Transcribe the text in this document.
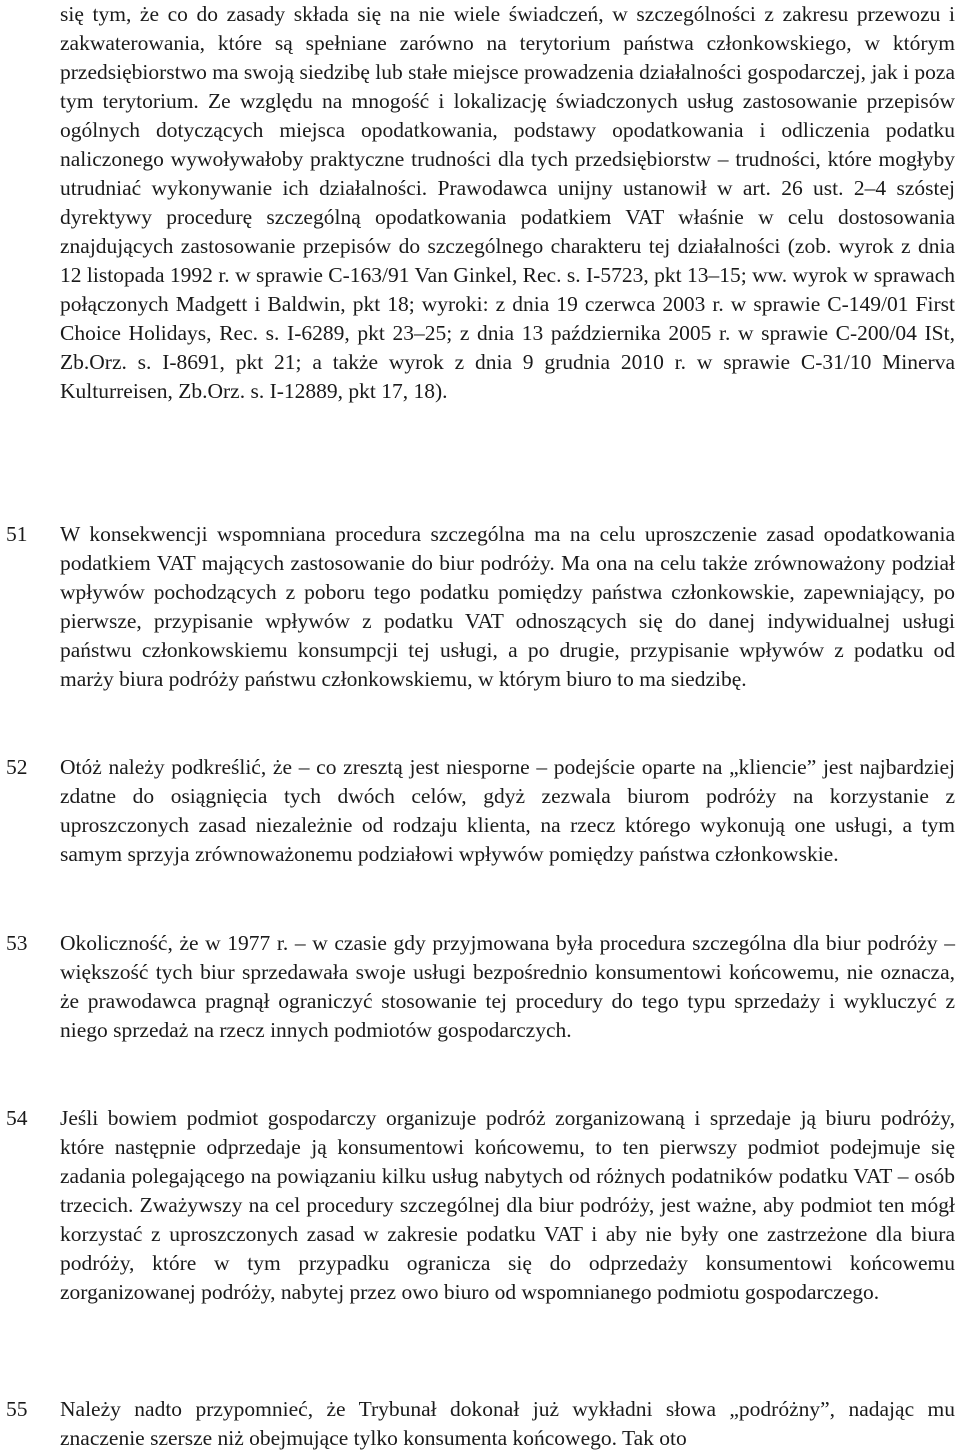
się tym, że co do zasady składa się na nie wiele świadczeń, w szczególności z zakresu przewozu i zakwaterowania, które są spełniane zarówno na terytorium państwa członkowskiego, w którym przedsiębiorstwo ma swoją siedzibę lub stałe miejsce prowadzenia działalności gospodarczej, jak i poza tym terytorium. Ze względu na mnogość i lokalizację świadczonych usług zastosowanie przepisów ogólnych dotyczących miejsca opodatkowania, podstawy opodatkowania i odliczenia podatku naliczonego wywoływałoby praktyczne trudności dla tych przedsiębiorstw – trudności, które mogłyby utrudniać wykonywanie ich działalności. Prawodawca unijny ustanowił w art. 26 ust. 2–4 szóstej dyrektywy procedurę szczególną opodatkowania podatkiem VAT właśnie w celu dostosowania znajdujących zastosowanie przepisów do szczególnego charakteru tej działalności (zob. wyrok z dnia 12 listopada 1992 r. w sprawie C-163/91 Van Ginkel, Rec. s. I-5723, pkt 13–15; ww. wyrok w sprawach połączonych Madgett i Baldwin, pkt 18; wyroki: z dnia 19 czerwca 2003 r. w sprawie C-149/01 First Choice Holidays, Rec. s. I-6289, pkt 23–25; z dnia 13 października 2005 r. w sprawie C-200/04 ISt, Zb.Orz. s. I-8691, pkt 21; a także wyrok z dnia 9 grudnia 2010 r. w sprawie C-31/10 Minerva Kulturreisen, Zb.Orz. s. I-12889, pkt 17, 18).

51	W konsekwencji wspomniana procedura szczególna ma na celu uproszczenie zasad opodatkowania podatkiem VAT mających zastosowanie do biur podróży. Ma ona na celu także zrównoważony podział wpływów pochodzących z poboru tego podatku pomiędzy państwa członkowskie, zapewniający, po pierwsze, przypisanie wpływów z podatku VAT odnoszących się do danej indywidualnej usługi państwu członkowskiemu konsumpcji tej usługi, a po drugie, przypisanie wpływów z podatku od marży biura podróży państwu członkowskiemu, w którym biuro to ma siedzibę.

52	Otóż należy podkreślić, że – co zresztą jest niesporne – podejście oparte na „kliencie” jest najbardziej zdatne do osiągnięcia tych dwóch celów, gdyż zezwala biurom podróży na korzystanie z uproszczonych zasad niezależnie od rodzaju klienta, na rzecz którego wykonują one usługi, a tym samym sprzyja zrównoważonemu podziałowi wpływów pomiędzy państwa członkowskie.

53	Okoliczność, że w 1977 r. – w czasie gdy przyjmowana była procedura szczególna dla biur podróży – większość tych biur sprzedawała swoje usługi bezpośrednio konsumentowi końcowemu, nie oznacza, że prawodawca pragnął ograniczyć stosowanie tej procedury do tego typu sprzedaży i wykluczyć z niego sprzedaż na rzecz innych podmiotów gospodarczych.

54	Jeśli bowiem podmiot gospodarczy organizuje podróż zorganizowaną i sprzedaje ją biuru podróży, które następnie odprzedaje ją konsumentowi końcowemu, to ten pierwszy podmiot podejmuje się zadania polegającego na powiązaniu kilku usług nabytych od różnych podatników podatku VAT – osób trzecich. Zważywszy na cel procedury szczególnej dla biur podróży, jest ważne, aby podmiot ten mógł korzystać z uproszczonych zasad w zakresie podatku VAT i aby nie były one zastrzeżone dla biura podróży, które w tym przypadku ogranicza się do odprzedaży konsumentowi końcowemu zorganizowanej podróży, nabytej przez owo biuro od wspomnianego podmiotu gospodarczego.

55	Należy nadto przypomnieć, że Trybunał dokonał już wykładni słowa „podróżny”, nadając mu znaczenie szersze niż obejmujące tylko konsumenta końcowego. Tak oto
